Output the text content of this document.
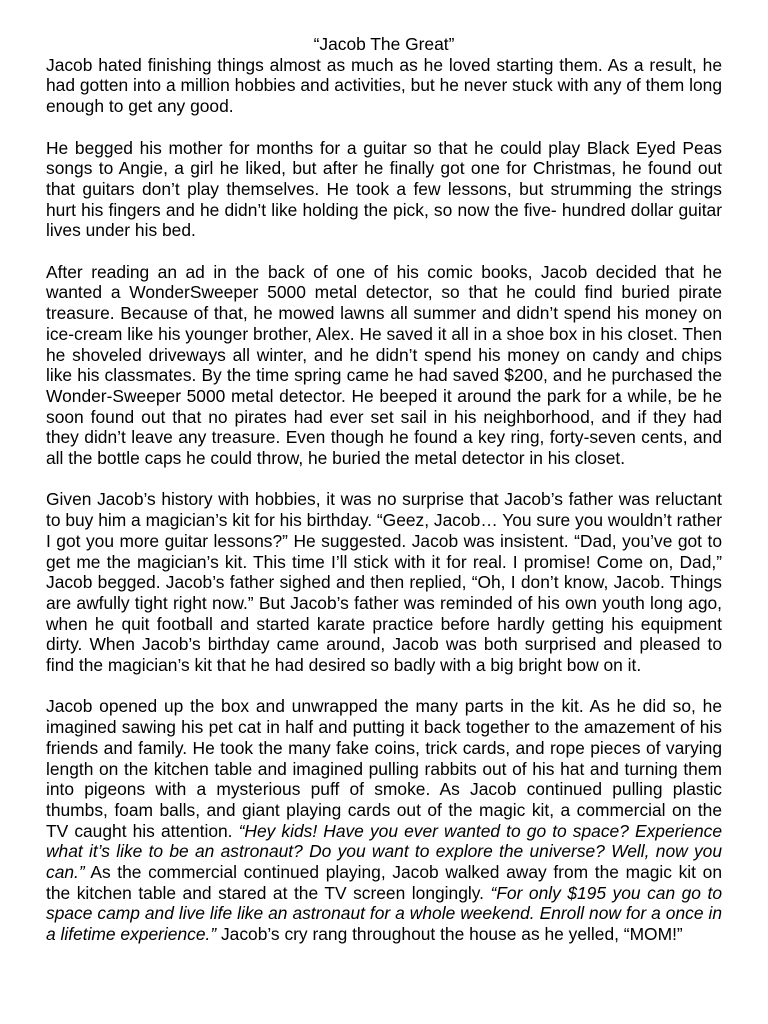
“Jacob The Great”

Jacob hated finishing things almost as much as he loved starting them. As a result, he had gotten into a million hobbies and activities, but he never stuck with any of them long enough to get any good.

He begged his mother for months for a guitar so that he could play Black Eyed Peas songs to Angie, a girl he liked, but after he finally got one for Christmas, he found out that guitars don’t play themselves. He took a few lessons, but strumming the strings hurt his fingers and he didn’t like holding the pick, so now the five- hundred dollar guitar lives under his bed.

After reading an ad in the back of one of his comic books, Jacob decided that he wanted a WonderSweeper 5000 metal detector, so that he could find buried pirate treasure. Because of that, he mowed lawns all summer and didn’t spend his money on ice-cream like his younger brother, Alex. He saved it all in a shoe box in his closet. Then he shoveled driveways all winter, and he didn’t spend his money on candy and chips like his classmates. By the time spring came he had saved $200, and he purchased the Wonder-Sweeper 5000 metal detector. He beeped it around the park for a while, be he soon found out that no pirates had ever set sail in his neighborhood, and if they had they didn’t leave any treasure. Even though he found a key ring, forty-seven cents, and all the bottle caps he could throw, he buried the metal detector in his closet.

Given Jacob’s history with hobbies, it was no surprise that Jacob’s father was reluctant to buy him a magician’s kit for his birthday. “Geez, Jacob… You sure you wouldn’t rather I got you more guitar lessons?” He suggested. Jacob was insistent. “Dad, you’ve got to get me the magician’s kit. This time I’ll stick with it for real. I promise! Come on, Dad,” Jacob begged. Jacob’s father sighed and then replied, “Oh, I don’t know, Jacob. Things are awfully tight right now.” But Jacob’s father was reminded of his own youth long ago, when he quit football and started karate practice before hardly getting his equipment dirty. When Jacob’s birthday came around, Jacob was both surprised and pleased to find the magician’s kit that he had desired so badly with a big bright bow on it.

Jacob opened up the box and unwrapped the many parts in the kit. As he did so, he imagined sawing his pet cat in half and putting it back together to the amazement of his friends and family. He took the many fake coins, trick cards, and rope pieces of varying length on the kitchen table and imagined pulling rabbits out of his hat and turning them into pigeons with a mysterious puff of smoke. As Jacob continued pulling plastic thumbs, foam balls, and giant playing cards out of the magic kit, a commercial on the TV caught his attention. “Hey kids! Have you ever wanted to go to space? Experience what it’s like to be an astronaut? Do you want to explore the universe? Well, now you can.” As the commercial continued playing, Jacob walked away from the magic kit on the kitchen table and stared at the TV screen longingly. “For only $195 you can go to space camp and live life like an astronaut for a whole weekend. Enroll now for a once in a lifetime experience.” Jacob’s cry rang throughout the house as he yelled, “MOM!”
